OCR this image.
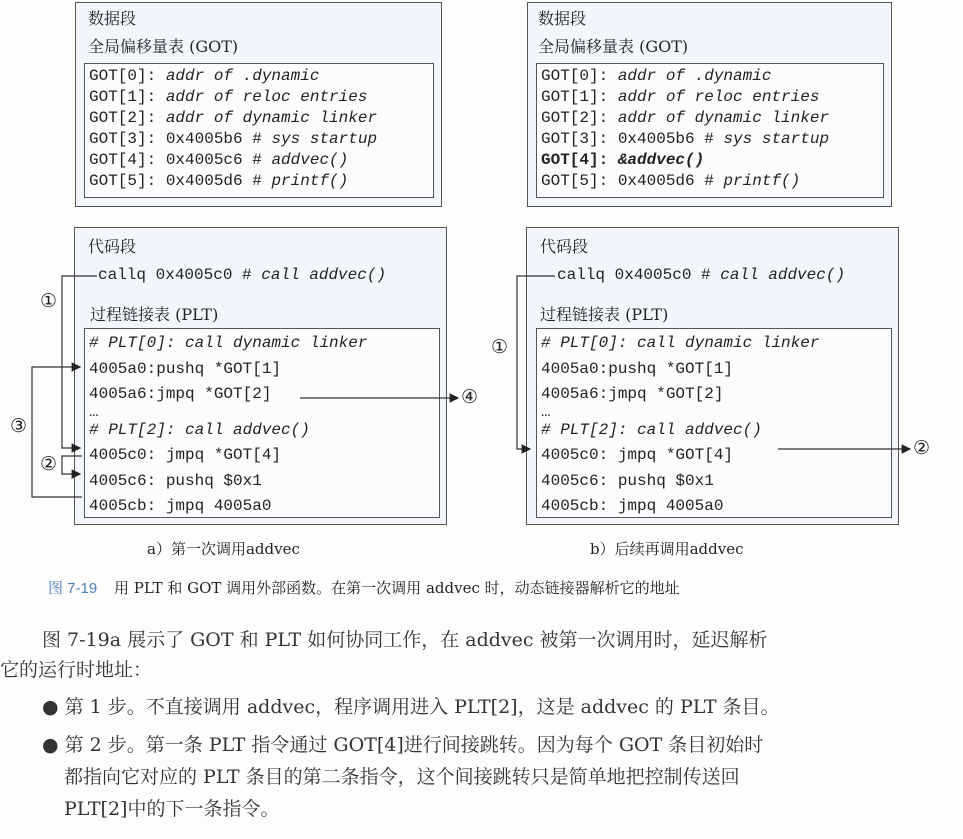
数据段
全局偏移量表 (GOT)
GOT[0]: addr of .dynamic
GOT[1]: addr of reloc entries
GOT[2]: addr of dynamic linker
GOT[3]: 0x4005b6 # sys startup
GOT[4]: 0x4005c6 # addvec()
GOT[5]: 0x4005d6 # printf()
代码段
callq 0x4005c0 # call addvec()
过程链接表 (PLT)
# PLT[0]: call dynamic linker
4005a0:pushq *GOT[1]
4005a6:jmpq *GOT[2]
…
# PLT[2]: call addvec()
4005c0: jmpq *GOT[4]
4005c6: pushq $0x1
4005cb: jmpq 4005a0
a）第一次调用addvec
数据段
全局偏移量表 (GOT)
GOT[0]: addr of .dynamic
GOT[1]: addr of reloc entries
GOT[2]: addr of dynamic linker
GOT[3]: 0x4005b6 # sys startup
GOT[4]: &addvec()
GOT[5]: 0x4005d6 # printf()
代码段
callq 0x4005c0 # call addvec()
过程链接表 (PLT)
# PLT[0]: call dynamic linker
4005a0:pushq *GOT[1]
4005a6:jmpq *GOT[2]
…
# PLT[2]: call addvec()
4005c0: jmpq *GOT[4]
4005c6: pushq $0x1
4005cb: jmpq 4005a0
b）后续再调用addvec
①
②
③
④
①
②
图 7-19 用 PLT 和 GOT 调用外部函数。在第一次调用 addvec 时，动态链接器解析它的地址
图 7-19a 展示了 GOT 和 PLT 如何协同工作，在 addvec 被第一次调用时，延迟解析
它的运行时地址：
● 第 1 步。不直接调用 addvec，程序调用进入 PLT[2]，这是 addvec 的 PLT 条目。
● 第 2 步。第一条 PLT 指令通过 GOT[4]进行间接跳转。因为每个 GOT 条目初始时
都指向它对应的 PLT 条目的第二条指令，这个间接跳转只是简单地把控制传送回
PLT[2]中的下一条指令。
